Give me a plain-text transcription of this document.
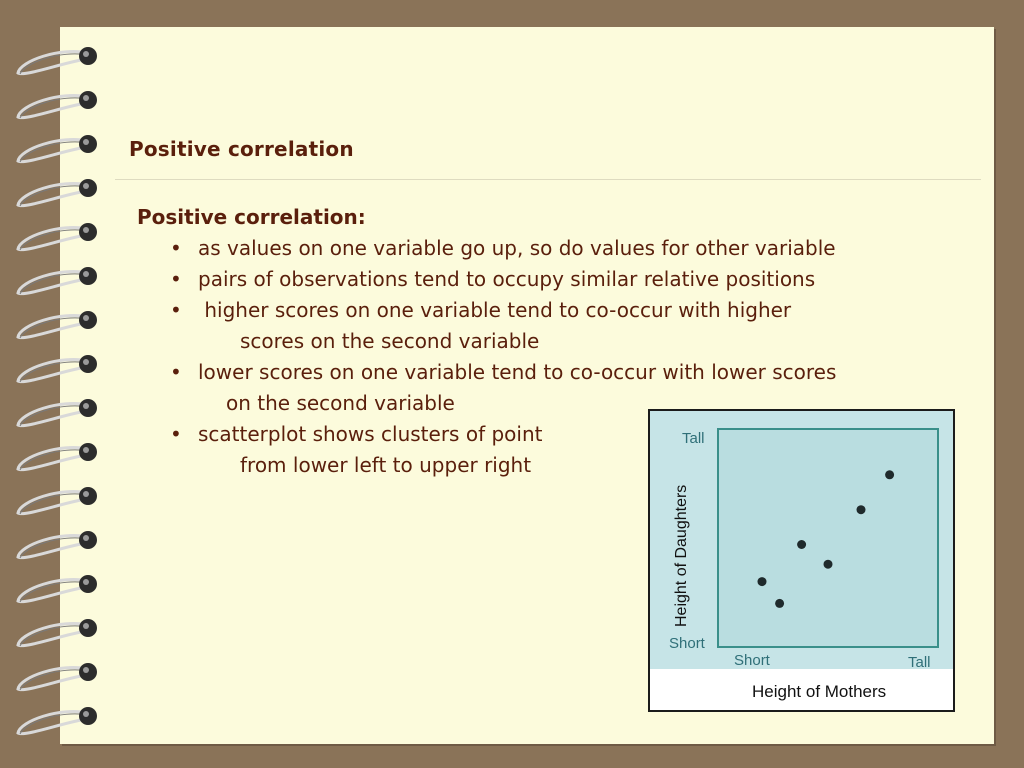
Positive correlation
Positive correlation:
• as values on one variable go up, so do values for other variable
• pairs of observations tend to occupy similar relative positions
• higher scores on one variable tend to co-occur with higher
scores on the second variable
• lower scores on one variable tend to co-occur with lower scores
on the second variable
• scatterplot shows clusters of point
from lower left to upper right
Tall
Short
Short	Tall
Height of Daughters
Height of Mothers
